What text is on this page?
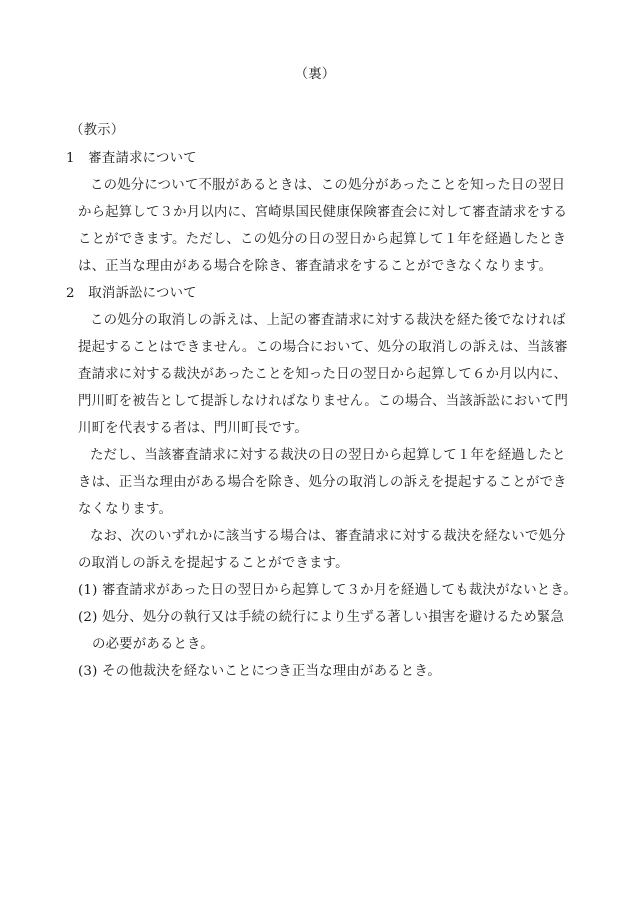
（裏）
（教示）
1　審査請求について
この処分について不服があるときは、この処分があったことを知った日の翌日
から起算して３か月以内に、宮崎県国民健康保険審査会に対して審査請求をする
ことができます。ただし、この処分の日の翌日から起算して１年を経過したとき
は、正当な理由がある場合を除き、審査請求をすることができなくなります。
2　取消訴訟について
この処分の取消しの訴えは、上記の審査請求に対する裁決を経た後でなければ
提起することはできません。この場合において、処分の取消しの訴えは、当該審
査請求に対する裁決があったことを知った日の翌日から起算して６か月以内に、
門川町を被告として提訴しなければなりません。この場合、当該訴訟において門
川町を代表する者は、門川町長です。
ただし、当該審査請求に対する裁決の日の翌日から起算して１年を経過したと
きは、正当な理由がある場合を除き、処分の取消しの訴えを提起することができ
なくなります。
なお、次のいずれかに該当する場合は、審査請求に対する裁決を経ないで処分
の取消しの訴えを提起することができます。
(1) 審査請求があった日の翌日から起算して３か月を経過しても裁決がないとき。
(2) 処分、処分の執行又は手続の続行により生ずる著しい損害を避けるため緊急
の必要があるとき。
(3) その他裁決を経ないことにつき正当な理由があるとき。
